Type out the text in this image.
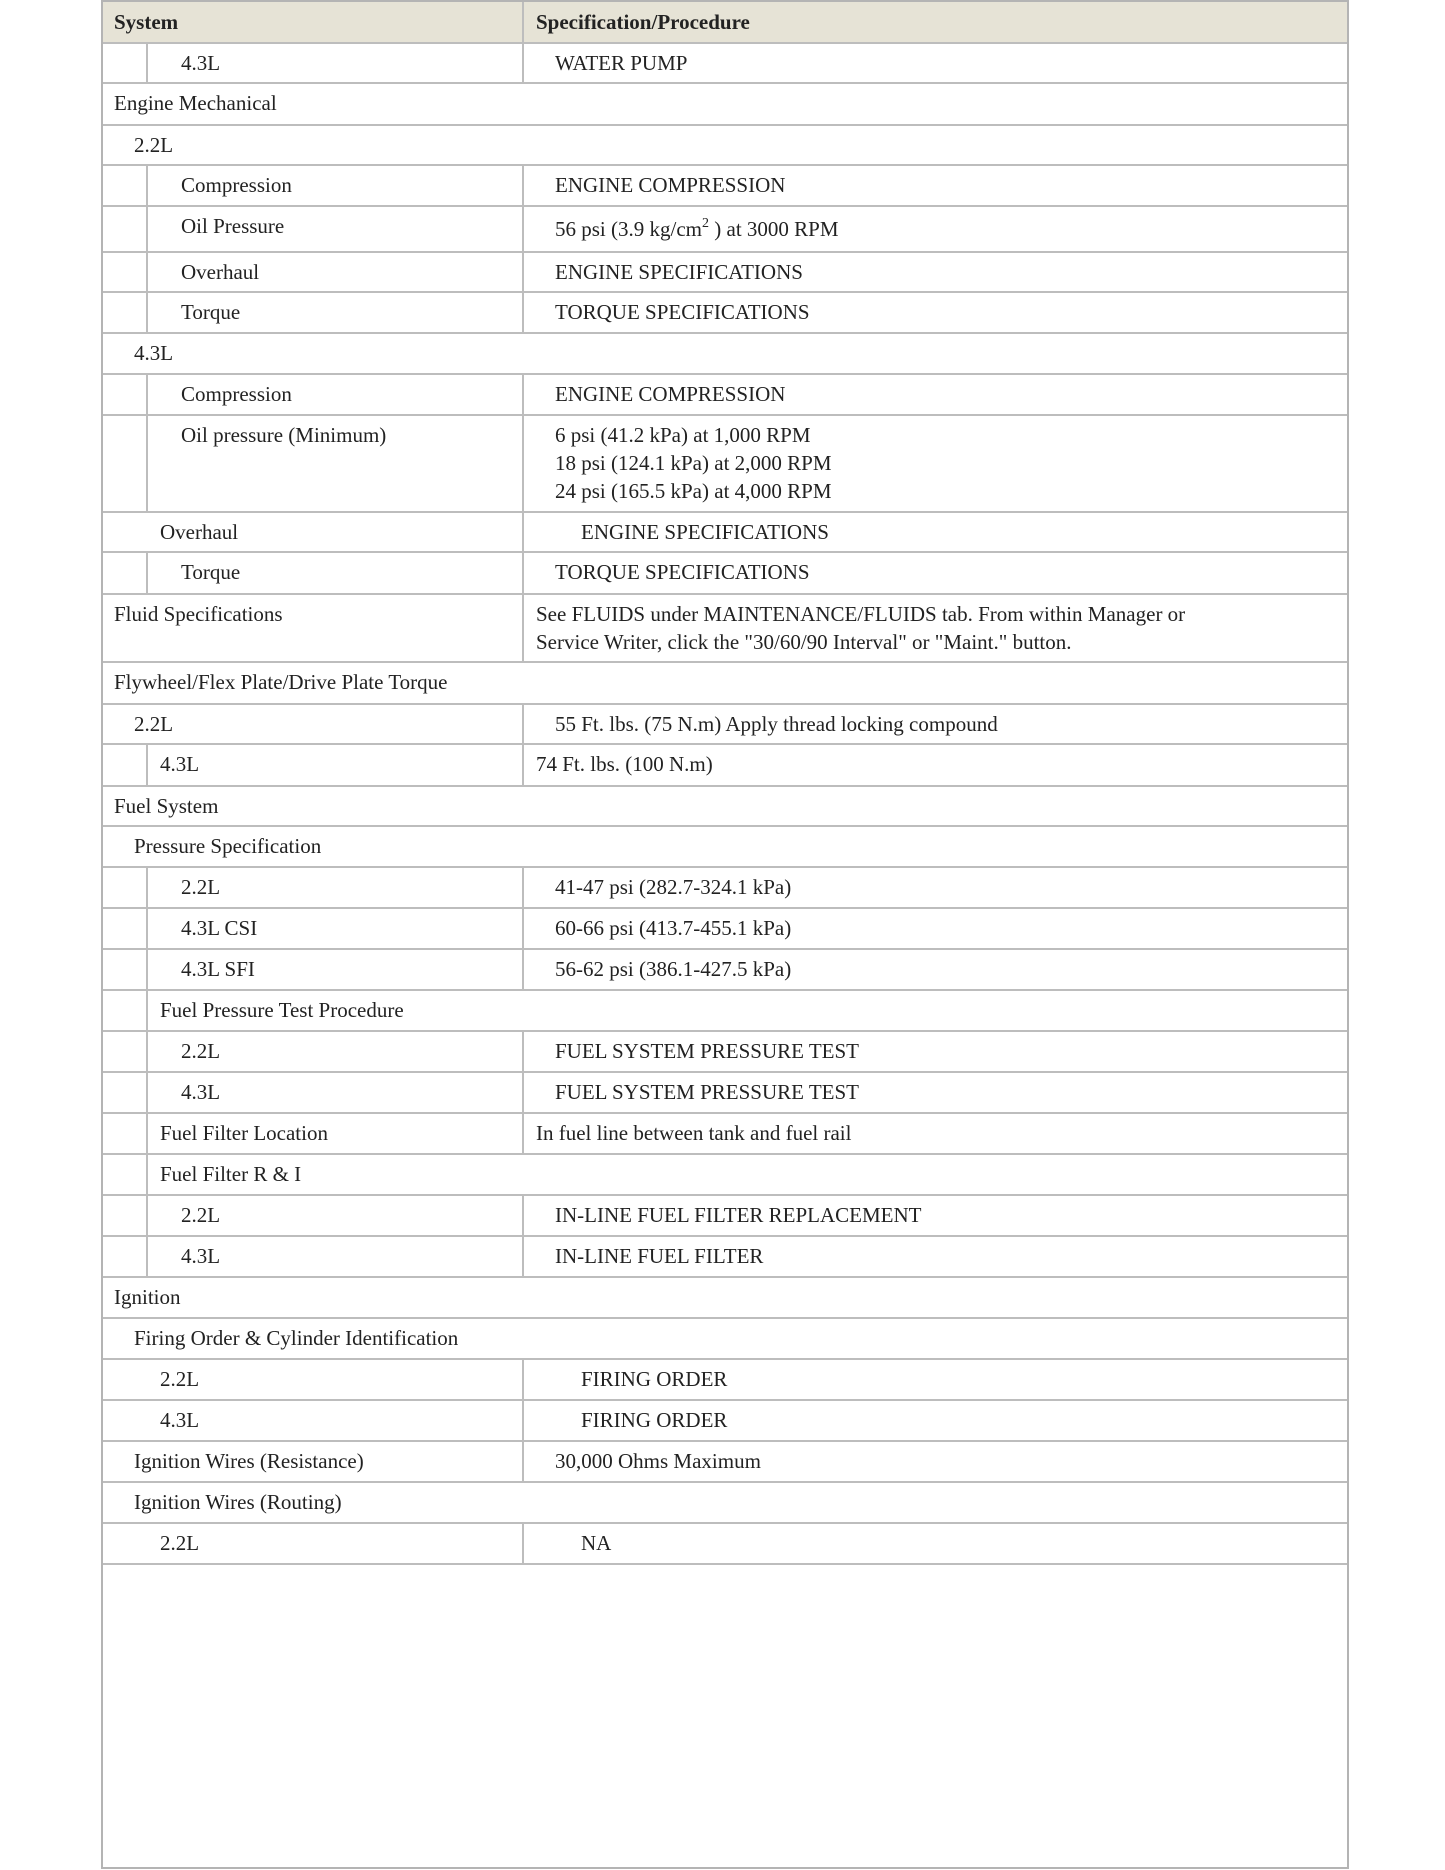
System	Specification/Procedure
4.3L	WATER PUMP
Engine Mechanical
2.2L
Compression	ENGINE COMPRESSION
Oil Pressure	56 psi (3.9 $kg/cm^2$ ) at 3000 RPM
Overhaul	ENGINE SPECIFICATIONS
Torque	TORQUE SPECIFICATIONS
4.3L
Compression	ENGINE COMPRESSION
Oil pressure (Minimum)	6 psi (41.2 kPa) at 1,000 RPM
18 psi (124.1 kPa) at 2,000 RPM
24 psi (165.5 kPa) at 4,000 RPM
Overhaul	ENGINE SPECIFICATIONS
Torque	TORQUE SPECIFICATIONS
Fluid Specifications	See FLUIDS under MAINTENANCE/FLUIDS tab. From within Manager or
Service Writer, click the "30/60/90 Interval" or "Maint." button.
Flywheel/Flex Plate/Drive Plate Torque
2.2L	55 Ft. lbs. (75 N.m) Apply thread locking compound
4.3L	74 Ft. lbs. (100 N.m)
Fuel System
Pressure Specification
2.2L	41-47 psi (282.7-324.1 kPa)
4.3L CSI	60-66 psi (413.7-455.1 kPa)
4.3L SFI	56-62 psi (386.1-427.5 kPa)
Fuel Pressure Test Procedure
2.2L	FUEL SYSTEM PRESSURE TEST
4.3L	FUEL SYSTEM PRESSURE TEST
Fuel Filter Location	In fuel line between tank and fuel rail
Fuel Filter R & I
2.2L	IN-LINE FUEL FILTER REPLACEMENT
4.3L	IN-LINE FUEL FILTER
Ignition
Firing Order & Cylinder Identification
2.2L	FIRING ORDER
4.3L	FIRING ORDER
Ignition Wires (Resistance)	30,000 Ohms Maximum
Ignition Wires (Routing)
2.2L	NA
